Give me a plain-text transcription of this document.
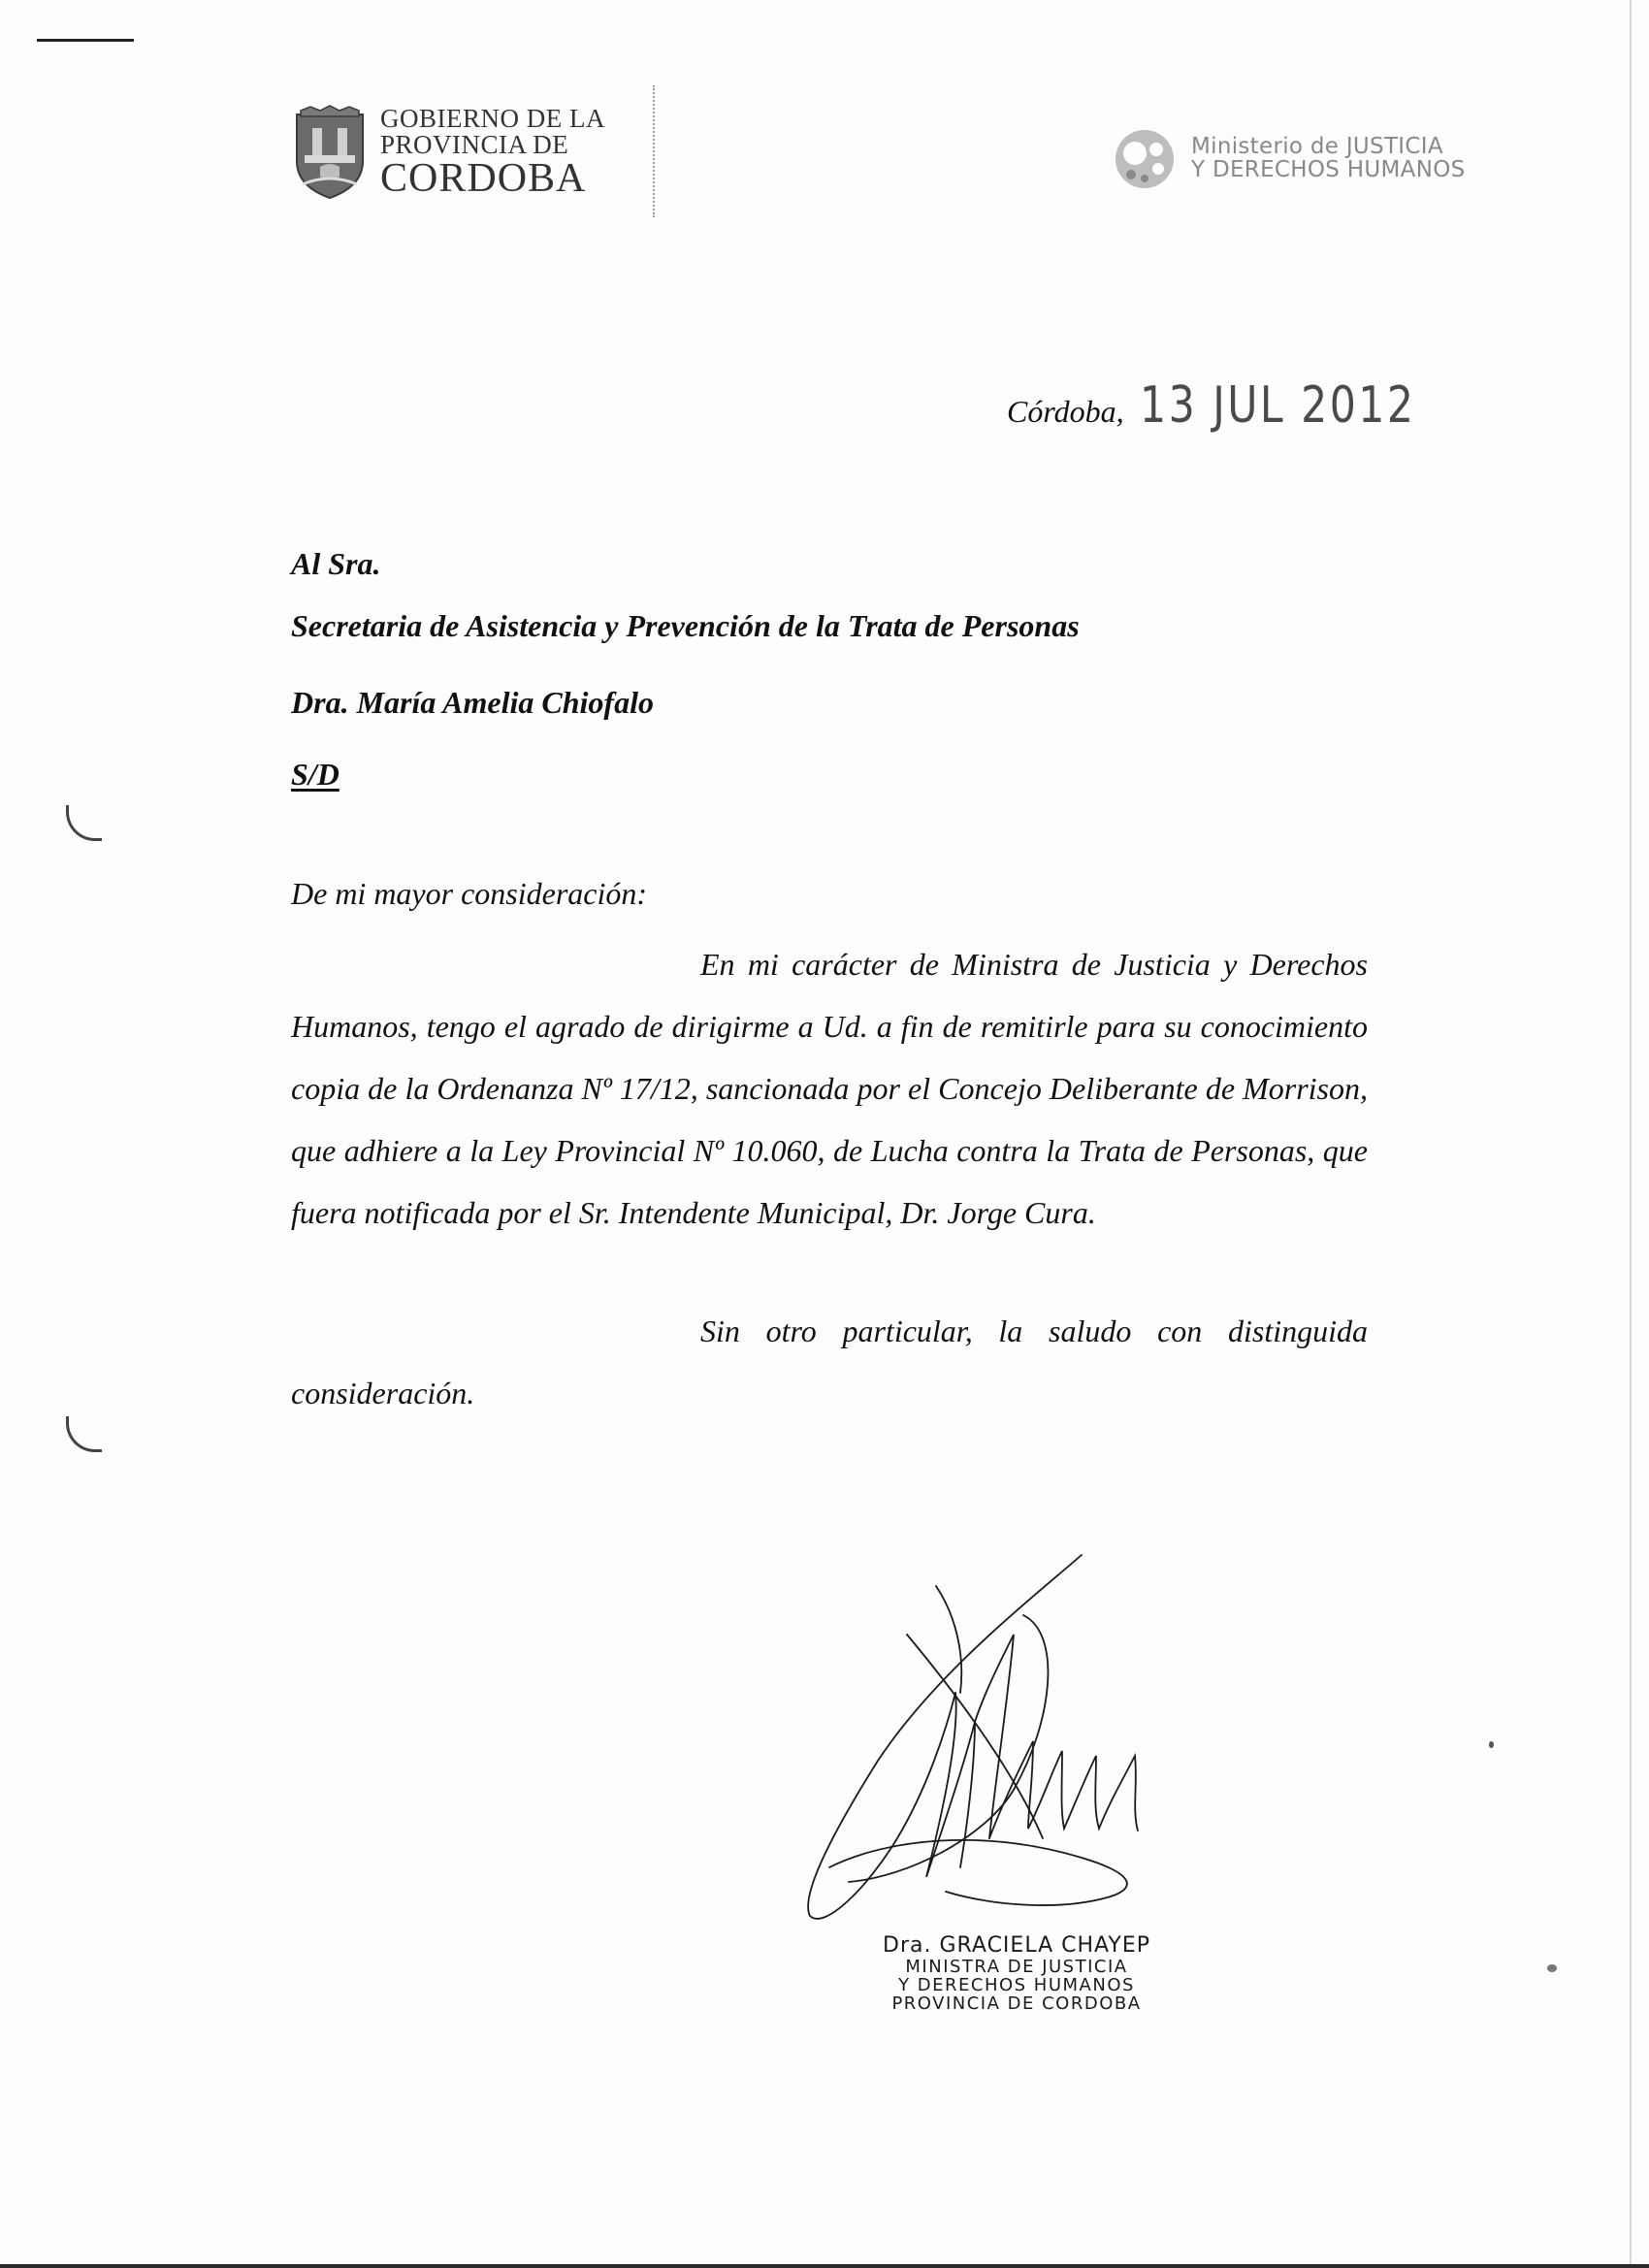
GOBIERNO DE LA
PROVINCIA DE
CORDOBA
Ministerio de JUSTICIA
Y DERECHOS HUMANOS
Córdoba, 13 JUL 2012
Al Sra.
Secretaria de Asistencia y Prevención de la Trata de Personas
Dra. María Amelia Chiofalo
S/D
De mi mayor consideración:
En mi carácter de Ministra de Justicia y Derechos Humanos, tengo el agrado de dirigirme a Ud. a fin de remitirle para su conocimiento copia de la Ordenanza Nº 17/12, sancionada por el Concejo Deliberante de Morrison, que adhiere a la Ley Provincial Nº 10.060, de Lucha contra la Trata de Personas, que fuera notificada por el Sr. Intendente Municipal, Dr. Jorge Cura.
Sin otro particular, la saludo con distinguida consideración.
Dra. GRACIELA CHAYEP
MINISTRA DE JUSTICIA
Y DERECHOS HUMANOS
PROVINCIA DE CORDOBA
